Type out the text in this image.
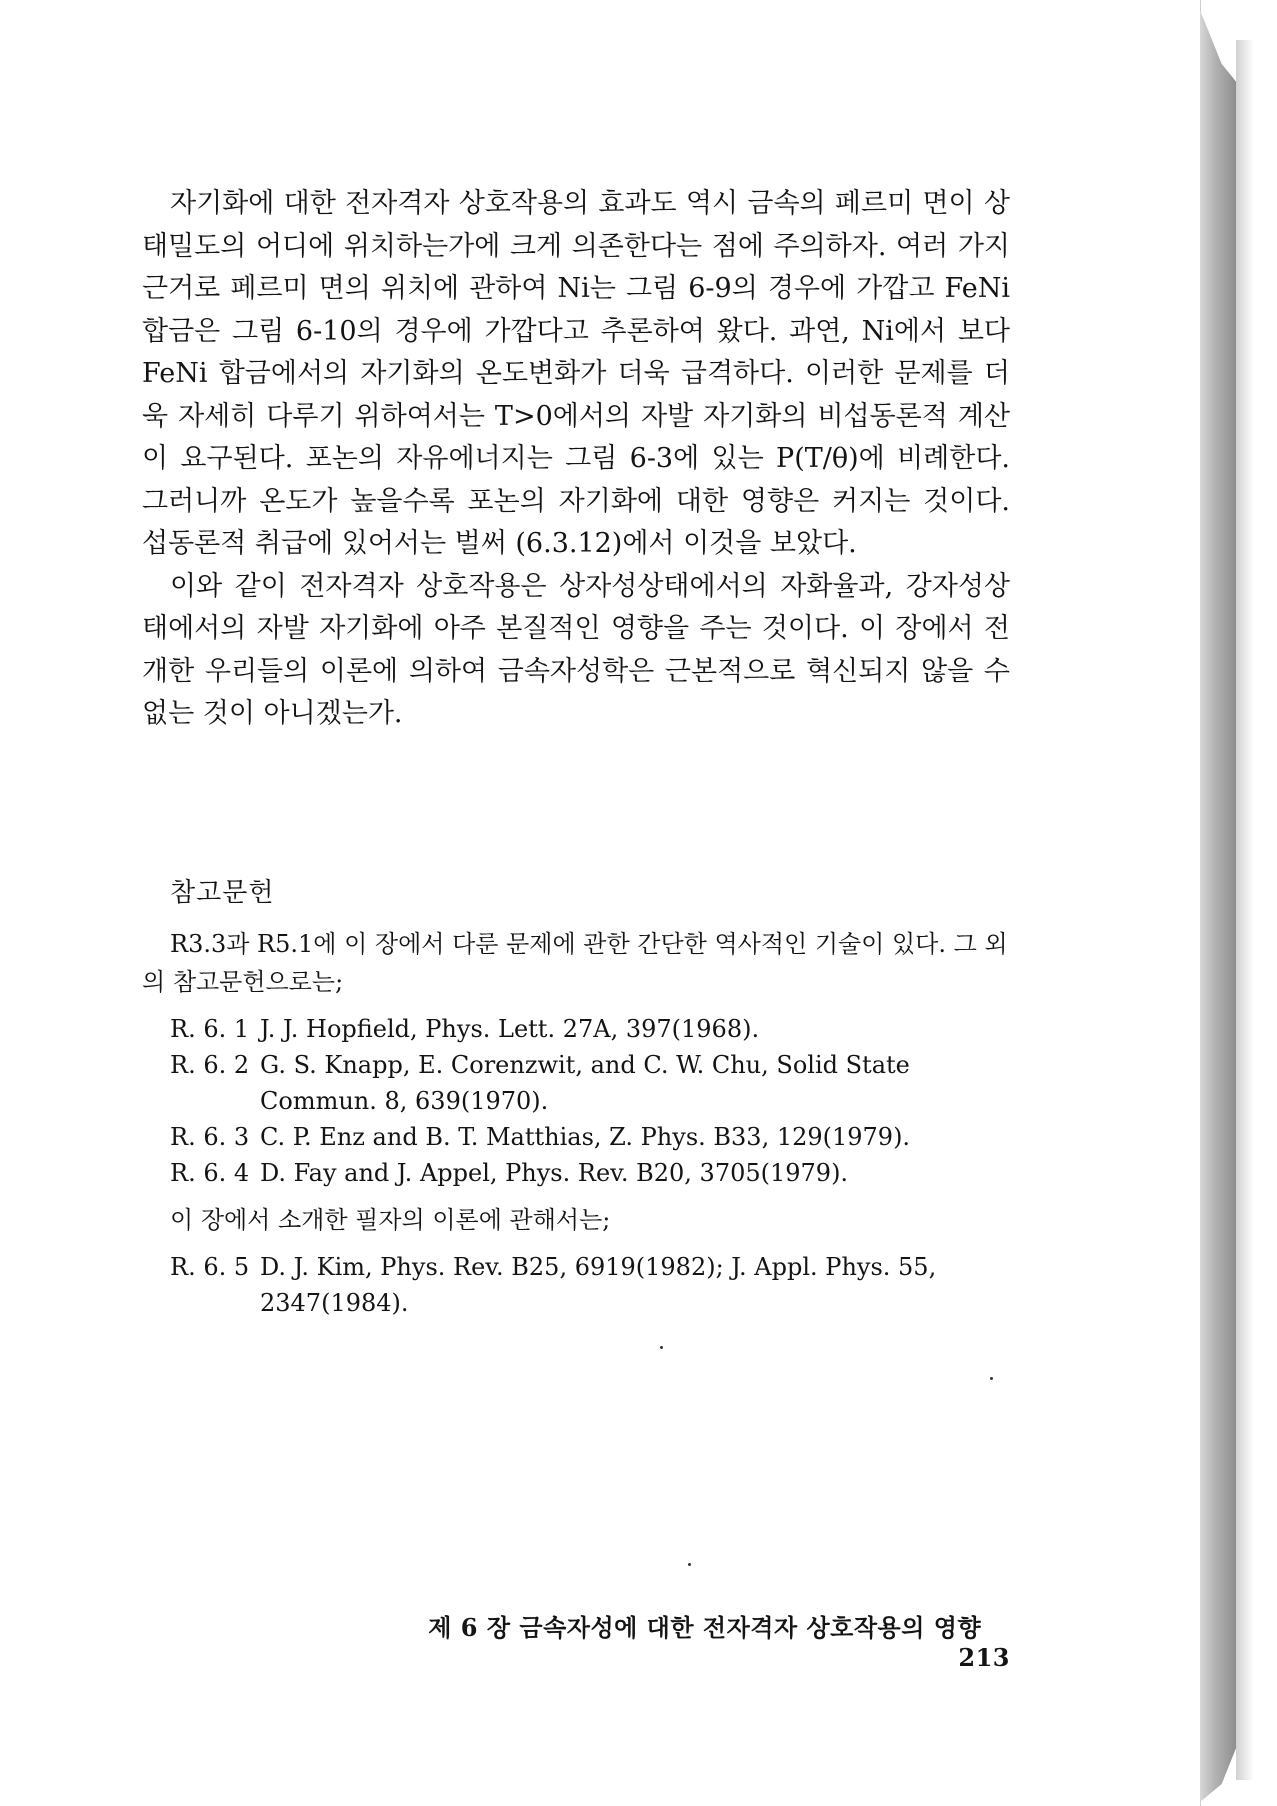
자기화에 대한 전자격자 상호작용의 효과도 역시 금속의 페르미 면이 상태밀도의 어디에 위치하는가에 크게 의존한다는 점에 주의하자. 여러 가지 근거로 페르미 면의 위치에 관하여 Ni는 그림 6-9의 경우에 가깝고 FeNi 합금은 그림 6-10의 경우에 가깝다고 추론하여 왔다. 과연, Ni에서 보다 FeNi 합금에서의 자기화의 온도변화가 더욱 급격하다. 이러한 문제를 더욱 자세히 다루기 위하여서는 T>0에서의 자발 자기화의 비섭동론적 계산이 요구된다. 포논의 자유에너지는 그림 6-3에 있는 P(T/θ)에 비례한다. 그러니까 온도가 높을수록 포논의 자기화에 대한 영향은 커지는 것이다. 섭동론적 취급에 있어서는 벌써 (6.3.12)에서 이것을 보았다.

이와 같이 전자격자 상호작용은 상자성상태에서의 자화율과, 강자성상태에서의 자발 자기화에 아주 본질적인 영향을 주는 것이다. 이 장에서 전개한 우리들의 이론에 의하여 금속자성학은 근본적으로 혁신되지 않을 수 없는 것이 아니겠는가.

참고문헌

R3.3과 R5.1에 이 장에서 다룬 문제에 관한 간단한 역사적인 기술이 있다. 그 외의 참고문헌으로는;

R. 6. 1 J. J. Hopfield, Phys. Lett. 27A, 397(1968).
R. 6. 2 G. S. Knapp, E. Corenzwit, and C. W. Chu, Solid State Commun. 8, 639(1970).
R. 6. 3 C. P. Enz and B. T. Matthias, Z. Phys. B33, 129(1979).
R. 6. 4 D. Fay and J. Appel, Phys. Rev. B20, 3705(1979).

이 장에서 소개한 필자의 이론에 관해서는;

R. 6. 5 D. J. Kim, Phys. Rev. B25, 6919(1982); J. Appl. Phys. 55, 2347(1984).
제 6 장 금속자성에 대한 전자격자 상호작용의 영향  213
